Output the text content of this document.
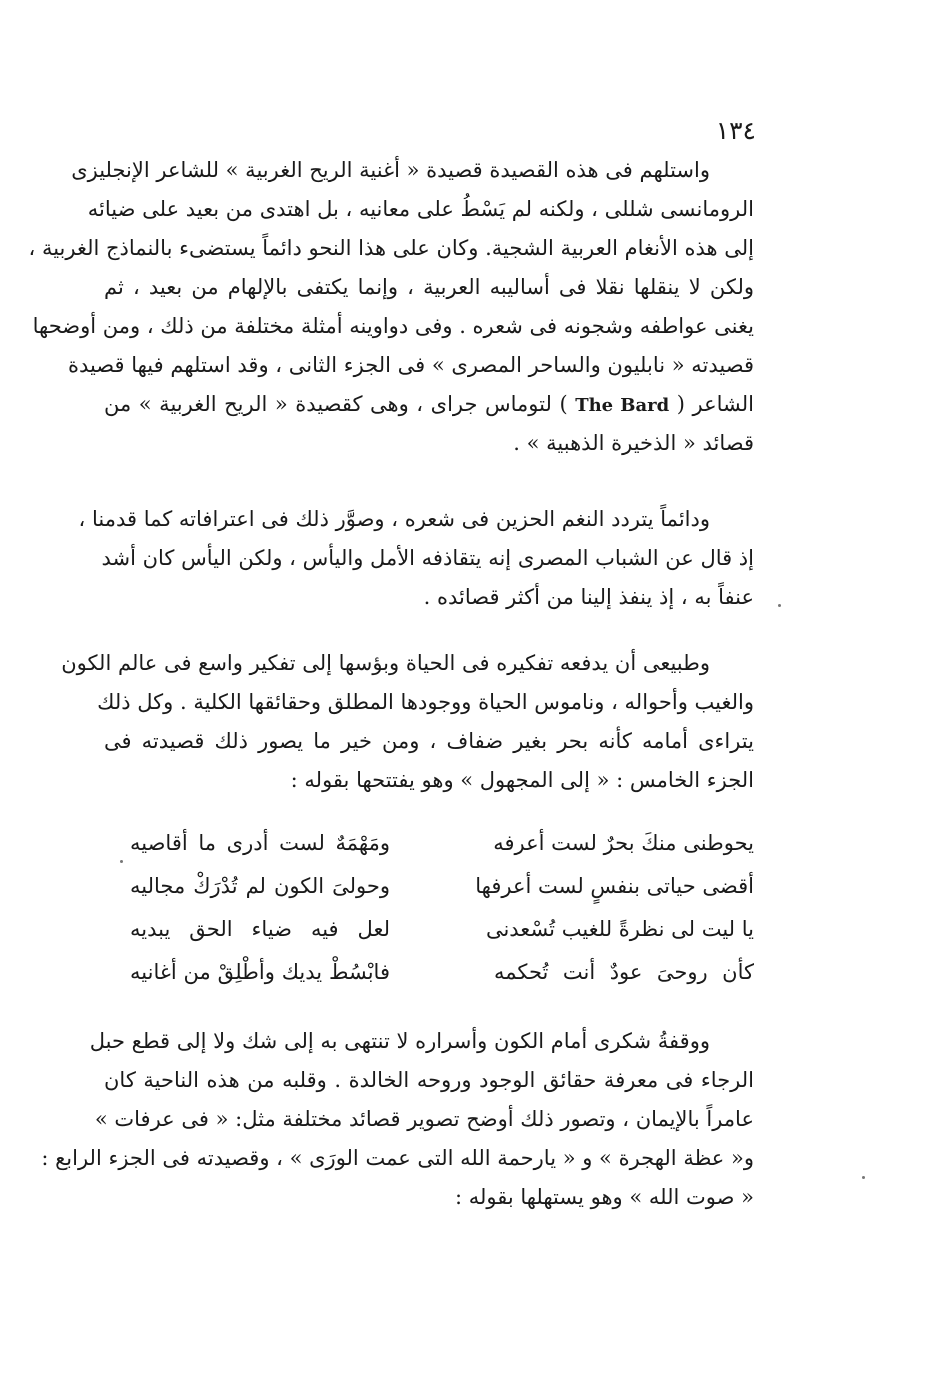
١٣٤
واستلهم فى هذه القصيدة قصيدة « أغنية الريح الغربية » للشاعر الإنجليزى
الرومانسى شللى ، ولكنه لم يَسْطُ على معانيه ، بل اهتدى من بعيد على ضيائه
إلى هذه الأنغام العربية الشجية. وكان على هذا النحو دائماً يستضىء بالنماذج الغربية ،
ولكن لا ينقلها نقلا فى أساليبه العربية ، وإنما يكتفى بالإلهام من بعيد ، ثم
يغنى عواطفه وشجونه فى شعره . وفى دواوينه أمثلة مختلفة من ذلك ، ومن أوضحها
قصيدته « نابليون والساحر المصرى » فى الجزء الثانى ، وقد استلهم فيها قصيدة
الشاعر ( The Bard ) لتوماس جراى ، وهى كقصيدة « الريح الغربية » من
قصائد « الذخيرة الذهبية » .
ودائماً يتردد النغم الحزين فى شعره ، وصوَّر ذلك فى اعترافاته كما قدمنا ،
إذ قال عن الشباب المصرى إنه يتقاذفه الأمل واليأس ، ولكن اليأس كان أشد
عنفاً به ، إذ ينفذ إلينا من أكثر قصائده .
وطبيعى أن يدفعه تفكيره فى الحياة وبؤسها إلى تفكير واسع فى عالم الكون
والغيب وأحواله ، وناموس الحياة ووجودها المطلق وحقائقها الكلية . وكل ذلك
يتراءى أمامه كأنه بحر بغير ضفاف ، ومن خير ما يصور ذلك قصيدته فى
الجزء الخامس : « إلى المجهول » وهو يفتتحها بقوله :
يحوطنى منكَ بحرٌ لست أعرفه
ومَهْمَهٌ لست أدرى ما أقاصيه
أقضى حياتى بنفسٍ لست أعرفها
وحولىَ الكون لم تُدْرَكْ مجاليه
يا ليت لى نظرةً للغيب تُسْعدنى
لعل فيه ضياء الحق يبديه
كأن روحىَ عودٌ أنت تُحكمه
فابْسُطْ يديك وأطْلِقْ من أغانيه
ووقفةُ شكرى أمام الكون وأسراره لا تنتهى به إلى شك ولا إلى قطع حبل
الرجاء فى معرفة حقائق الوجود وروحه الخالدة . وقلبه من هذه الناحية كان
عامراً بالإيمان ، وتصور ذلك أوضح تصوير قصائد مختلفة مثل: « فى عرفات »
و« عظة الهجرة » و « يارحمة الله التى عمت الورَى » ، وقصيدته فى الجزء الرابع :
« صوت الله » وهو يستهلها بقوله :
